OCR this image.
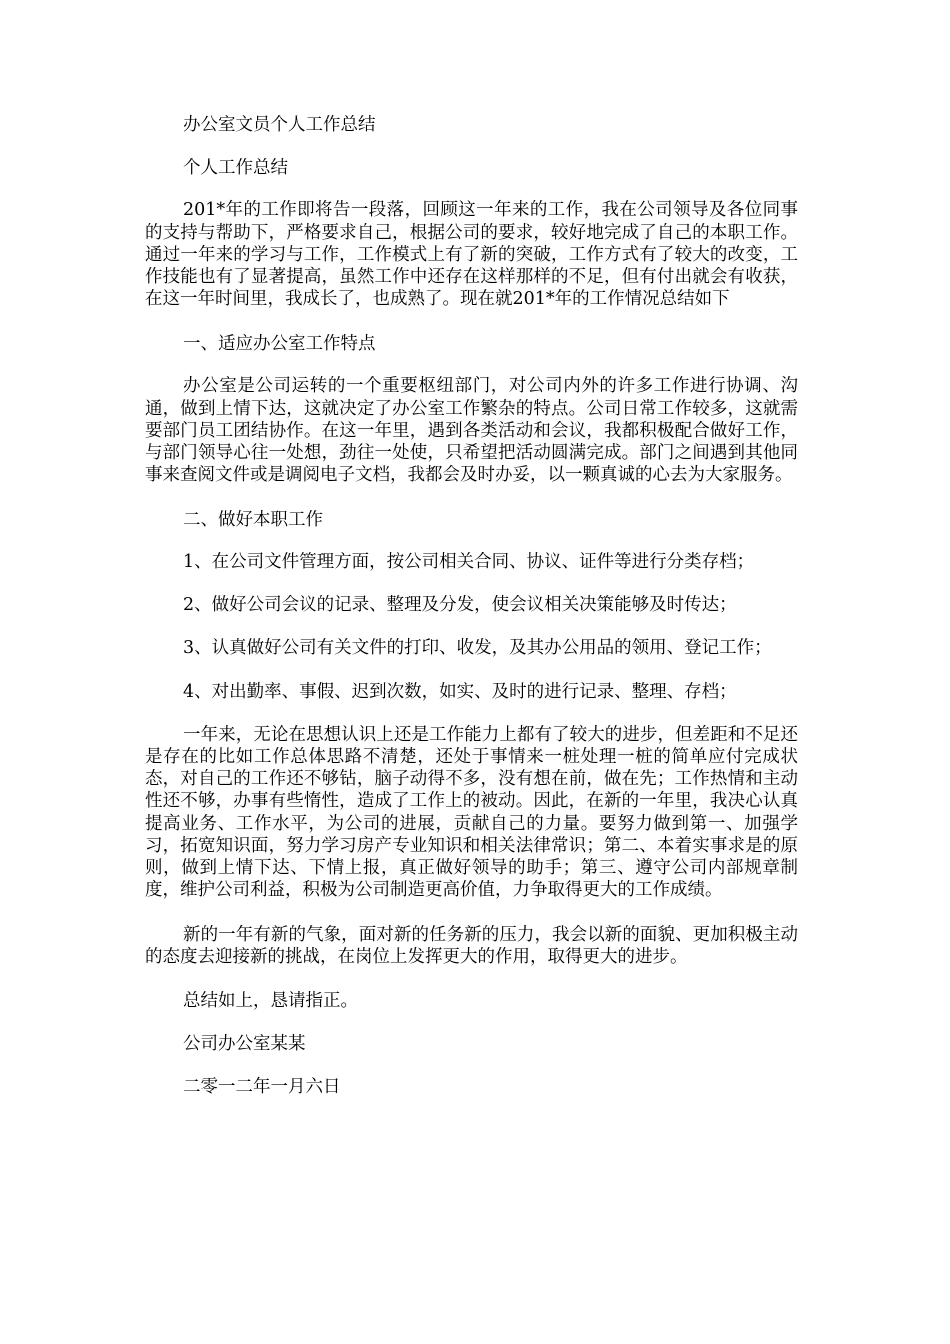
办公室文员个人工作总结

个人工作总结

201*年的工作即将告一段落，回顾这一年来的工作，我在公司领导及各位同事的支持与帮助下，严格要求自己，根据公司的要求，较好地完成了自己的本职工作。通过一年来的学习与工作，工作模式上有了新的突破，工作方式有了较大的改变，工作技能也有了显著提高，虽然工作中还存在这样那样的不足，但有付出就会有收获，在这一年时间里，我成长了，也成熟了。现在就201*年的工作情况总结如下

一、适应办公室工作特点

办公室是公司运转的一个重要枢纽部门，对公司内外的许多工作进行协调、沟通，做到上情下达，这就决定了办公室工作繁杂的特点。公司日常工作较多，这就需要部门员工团结协作。在这一年里，遇到各类活动和会议，我都积极配合做好工作，与部门领导心往一处想，劲往一处使，只希望把活动圆满完成。部门之间遇到其他同事来查阅文件或是调阅电子文档，我都会及时办妥，以一颗真诚的心去为大家服务。

二、做好本职工作

1、在公司文件管理方面，按公司相关合同、协议、证件等进行分类存档；

2、做好公司会议的记录、整理及分发，使会议相关决策能够及时传达；

3、认真做好公司有关文件的打印、收发，及其办公用品的领用、登记工作；

4、对出勤率、事假、迟到次数，如实、及时的进行记录、整理、存档；

一年来，无论在思想认识上还是工作能力上都有了较大的进步，但差距和不足还是存在的比如工作总体思路不清楚，还处于事情来一桩处理一桩的简单应付完成状态，对自己的工作还不够钻，脑子动得不多，没有想在前，做在先；工作热情和主动性还不够，办事有些惰性，造成了工作上的被动。因此，在新的一年里，我决心认真提高业务、工作水平，为公司的进展，贡献自己的力量。要努力做到第一、加强学习，拓宽知识面，努力学习房产专业知识和相关法律常识；第二、本着实事求是的原则，做到上情下达、下情上报，真正做好领导的助手；第三、遵守公司内部规章制度，维护公司利益，积极为公司制造更高价值，力争取得更大的工作成绩。

新的一年有新的气象，面对新的任务新的压力，我会以新的面貌、更加积极主动的态度去迎接新的挑战，在岗位上发挥更大的作用，取得更大的进步。

总结如上，恳请指正。

公司办公室某某

二零一二年一月六日
